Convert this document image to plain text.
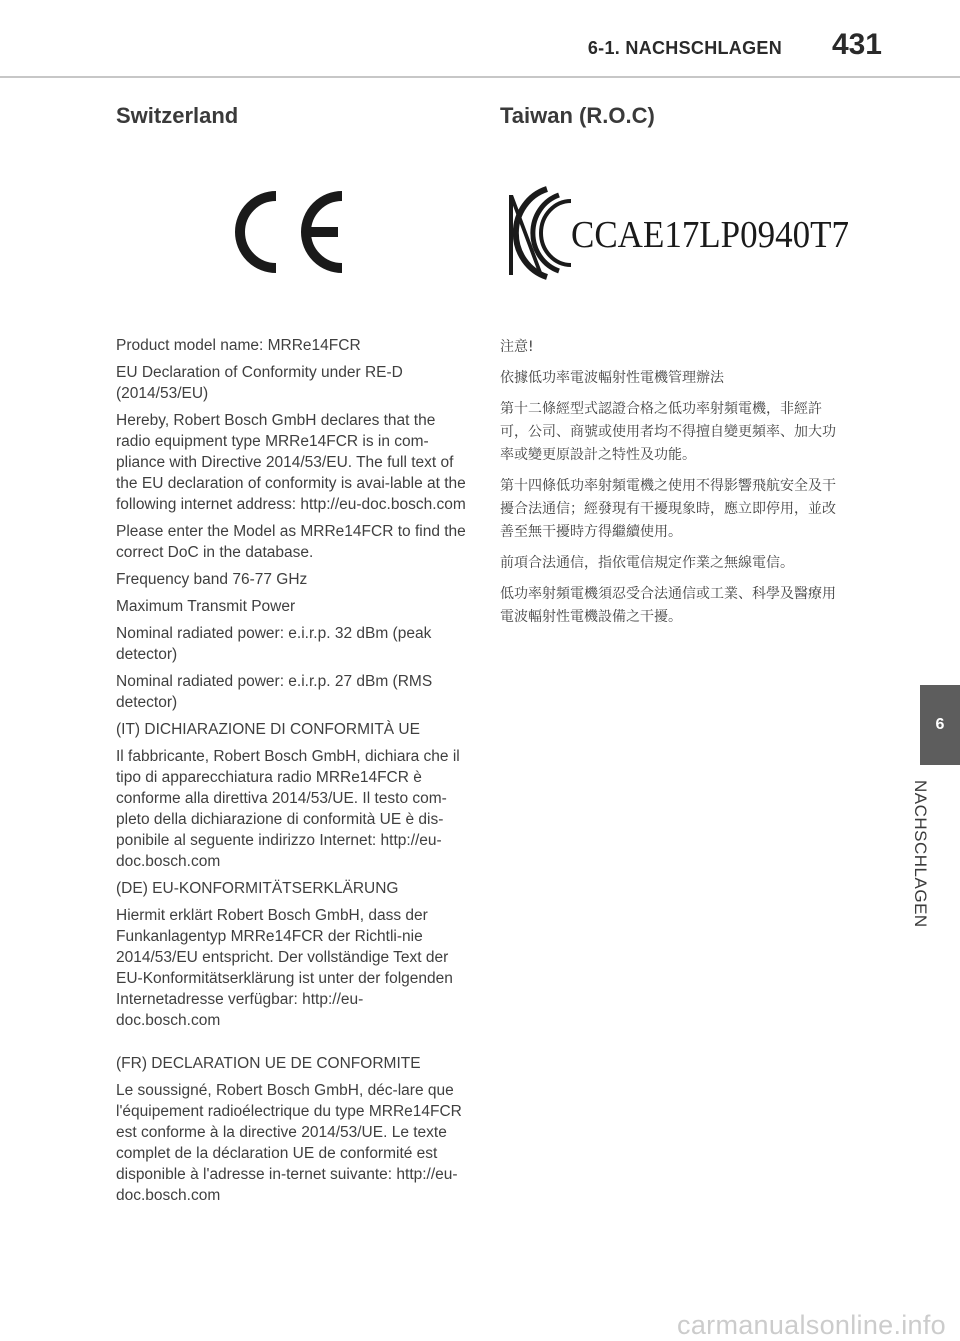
6-1. NACHSCHLAGEN 431
Switzerland	Taiwan (R.O.C)
CCAE17LP0940T7

Product model name: MRRe14FCR

EU Declaration of Conformity under RE-D (2014/53/EU)

Hereby, Robert Bosch GmbH declares that the radio equipment type MRRe14FCR is in com-pliance with Directive 2014/53/EU. The full text of the EU declaration of conformity is avai-lable at the following internet address: http://eu-doc.bosch.com

Please enter the Model as MRRe14FCR to find the correct DoC in the database.

Frequency band 76-77 GHz

Maximum Transmit Power

Nominal radiated power: e.i.r.p. 32 dBm (peak detector)

Nominal radiated power: e.i.r.p. 27 dBm (RMS detector)

(IT) DICHIARAZIONE DI CONFORMITÀ UE

Il fabbricante, Robert Bosch GmbH, dichiara che il tipo di apparecchiatura radio MRRe14FCR è conforme alla direttiva 2014/53/UE. Il testo com-pleto della dichiarazione di conformità UE è dis-ponibile al seguente indirizzo Internet: http://eu-doc.bosch.com

(DE) EU-KONFORMITÄTSERKLÄRUNG

Hiermit erklärt Robert Bosch GmbH, dass der Funkanlagentyp MRRe14FCR der Richtli-nie 2014/53/EU entspricht. Der vollständige Text der EU-Konformitätserklärung ist unter der folgenden Internetadresse verfügbar: http://eu-doc.bosch.com

(FR) DECLARATION UE DE CONFORMITE

Le soussigné, Robert Bosch GmbH, déc-lare que l'équipement radioélectrique du type MRRe14FCR est conforme à la directive 2014/53/UE. Le texte complet de la déclaration UE de conformité est disponible à l'adresse in-ternet suivante: http://eu-doc.bosch.com

注意!

依據低功率電波輻射性電機管理辦法

第十二條經型式認證合格之低功率射頻電機，非經許可，公司、商號或使用者均不得擅自變更頻率、加大功率或變更原設計之特性及功能。

第十四條低功率射頻電機之使用不得影響飛航安全及干擾合法通信；經發現有干擾現象時，應立即停用，並改善至無干擾時方得繼續使用。

前項合法通信，指依電信規定作業之無線電信。

低功率射頻電機須忍受合法通信或工業、科學及醫療用電波輻射性電機設備之干擾。

6
NACHSCHLAGEN
carmanualsonline.info
